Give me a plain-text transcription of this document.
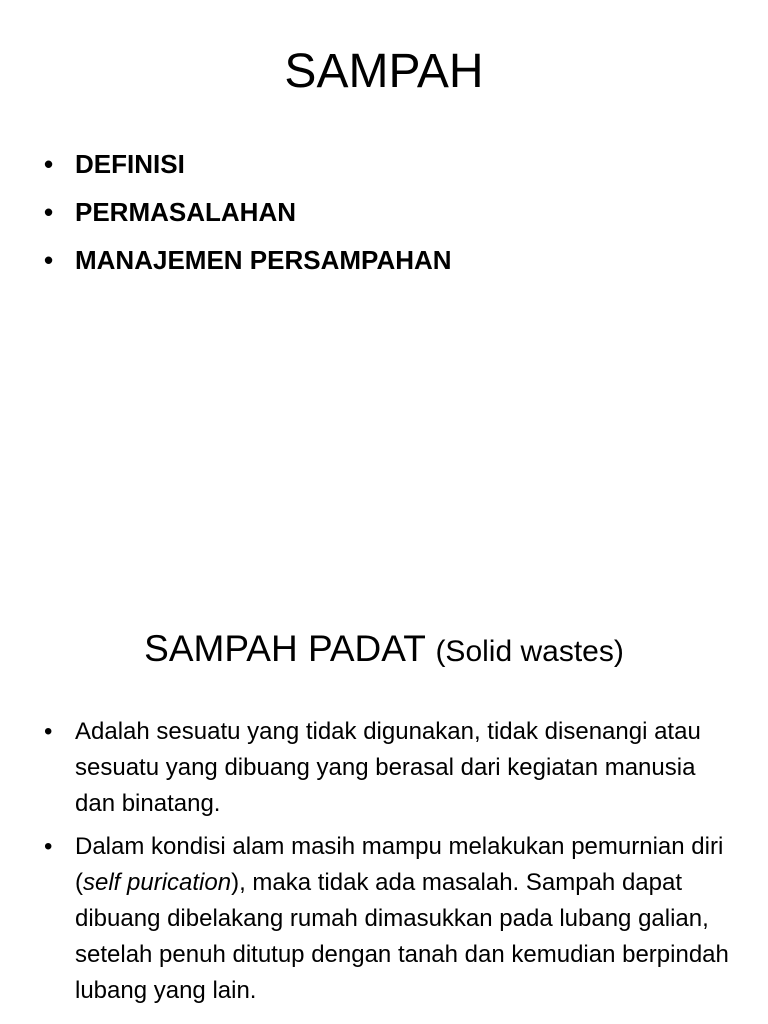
SAMPAH
• DEFINISI
• PERMASALAHAN
• MANAJEMEN PERSAMPAHAN
SAMPAH PADAT (Solid wastes)
• Adalah sesuatu yang tidak digunakan, tidak disenangi atau sesuatu yang dibuang yang berasal dari kegiatan manusia dan binatang.
• Dalam kondisi alam masih mampu melakukan pemurnian diri (self purication), maka tidak ada masalah. Sampah dapat dibuang dibelakang rumah dimasukkan pada lubang galian, setelah penuh ditutup dengan tanah dan kemudian berpindah lubang yang lain.
